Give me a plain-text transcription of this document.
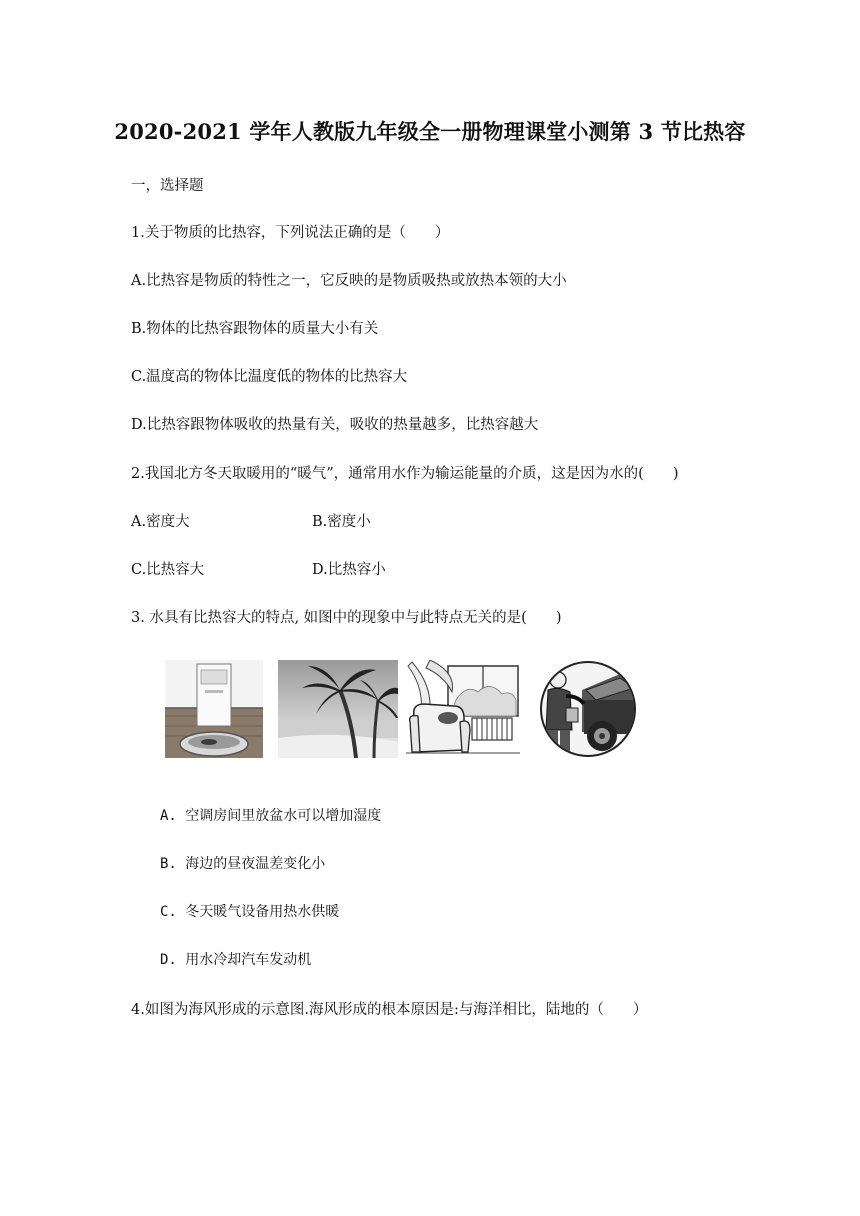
2020-2021 学年人教版九年级全一册物理课堂小测第 3 节比热容
一，选择题
1.关于物质的比热容，下列说法正确的是（　　）
A.比热容是物质的特性之一，它反映的是物质吸热或放热本领的大小
B.物体的比热容跟物体的质量大小有关
C.温度高的物体比温度低的物体的比热容大
D.比热容跟物体吸收的热量有关，吸收的热量越多，比热容越大
2.我国北方冬天取暖用的“暖气”，通常用水作为输运能量的介质，这是因为水的(　　)
A.密度大	B.密度小
C.比热容大	D.比热容小
3. 水具有比热容大的特点, 如图中的现象中与此特点无关的是(　　)
A. 空调房间里放盆水可以增加湿度
B. 海边的昼夜温差变化小
C. 冬天暖气设备用热水供暖
D. 用水冷却汽车发动机
4.如图为海风形成的示意图.海风形成的根本原因是:与海洋相比，陆地的（　　）
